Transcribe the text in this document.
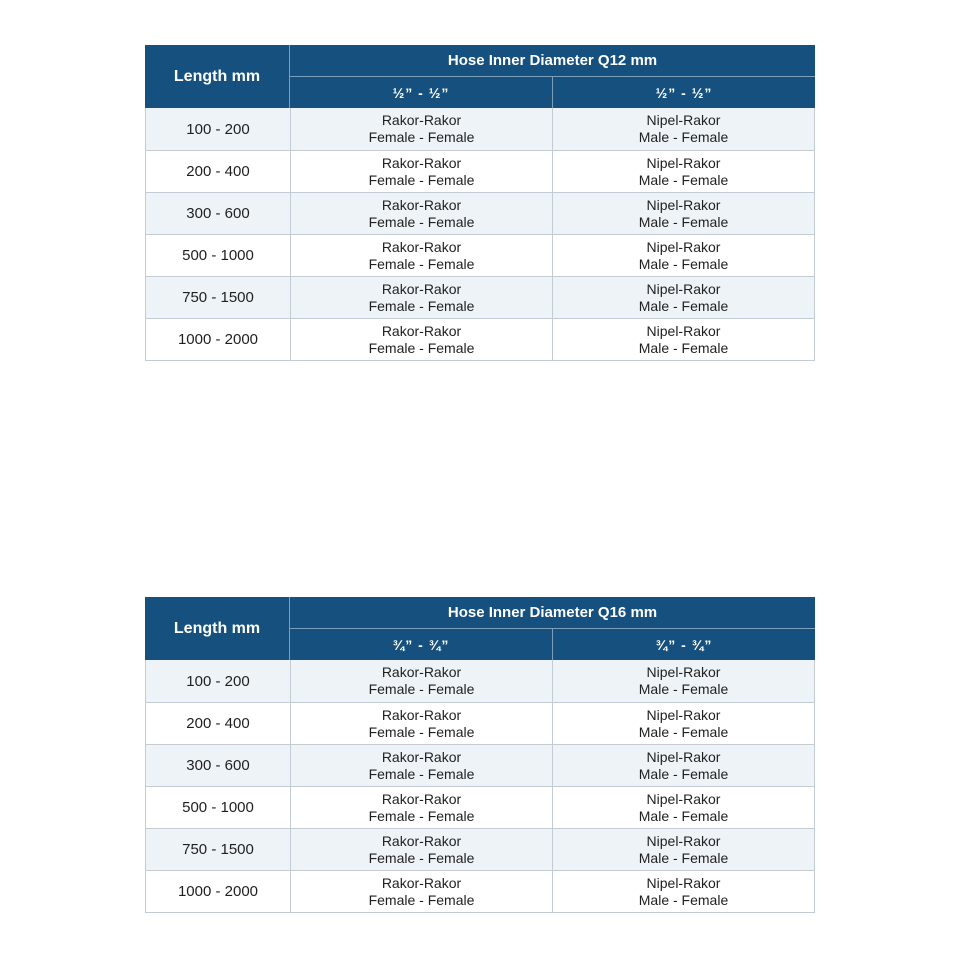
Length mm
Hose Inner Diameter Q12 mm
½” - ½”	½” - ½”
100 - 200
Rakor-Rakor
Female - Female
Nipel-Rakor
Male - Female
200 - 400
Rakor-Rakor
Female - Female
Nipel-Rakor
Male - Female
300 - 600
Rakor-Rakor
Female - Female
Nipel-Rakor
Male - Female
500 - 1000
Rakor-Rakor
Female - Female
Nipel-Rakor
Male - Female
750 - 1500
Rakor-Rakor
Female - Female
Nipel-Rakor
Male - Female
1000 - 2000
Rakor-Rakor
Female - Female
Nipel-Rakor
Male - Female
Length mm
Hose Inner Diameter Q16 mm
¾” - ¾”	¾” - ¾”
100 - 200
Rakor-Rakor
Female - Female
Nipel-Rakor
Male - Female
200 - 400
Rakor-Rakor
Female - Female
Nipel-Rakor
Male - Female
300 - 600
Rakor-Rakor
Female - Female
Nipel-Rakor
Male - Female
500 - 1000
Rakor-Rakor
Female - Female
Nipel-Rakor
Male - Female
750 - 1500
Rakor-Rakor
Female - Female
Nipel-Rakor
Male - Female
1000 - 2000
Rakor-Rakor
Female - Female
Nipel-Rakor
Male - Female
